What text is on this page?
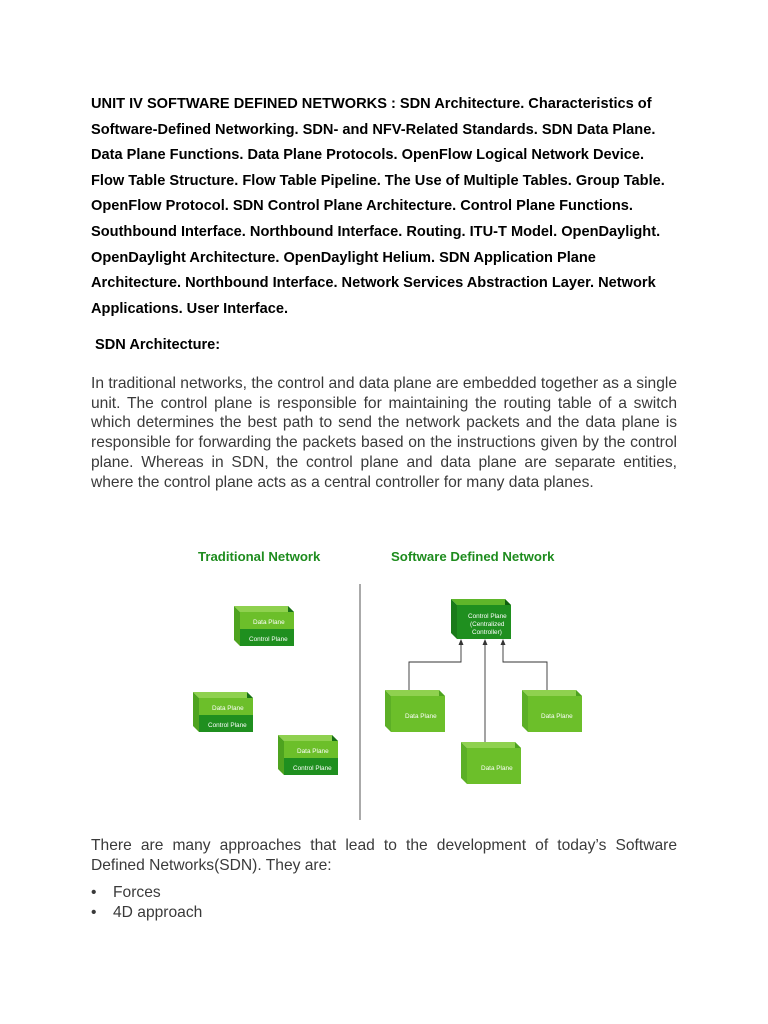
UNIT IV SOFTWARE DEFINED NETWORKS : SDN Architecture. Characteristics of Software-Defined Networking. SDN- and NFV-Related Standards. SDN Data Plane. Data Plane Functions. Data Plane Protocols. OpenFlow Logical Network Device. Flow Table Structure. Flow Table Pipeline. The Use of Multiple Tables. Group Table. OpenFlow Protocol. SDN Control Plane Architecture. Control Plane Functions. Southbound Interface. Northbound Interface. Routing. ITU-T Model. OpenDaylight. OpenDaylight Architecture. OpenDaylight Helium. SDN Application Plane Architecture. Northbound Interface. Network Services Abstraction Layer. Network Applications. User Interface.

SDN Architecture:

In traditional networks, the control and data plane are embedded together as a single unit. The control plane is responsible for maintaining the routing table of a switch which determines the best path to send the network packets and the data plane is responsible for forwarding the packets based on the instructions given by the control plane. Whereas in SDN, the control plane and data plane are separate entities, where the control plane acts as a central controller for many data planes.

Traditional Network	Software Defined Network
Data Plane
Control Plane
Data Plane
Control Plane
Data Plane
Control Plane
Control Plane
(Centralized
Controller)
Data Plane	Data Plane
Data Plane

There are many approaches that lead to the development of today’s Software Defined Networks(SDN). They are:

• Forces
• 4D approach
